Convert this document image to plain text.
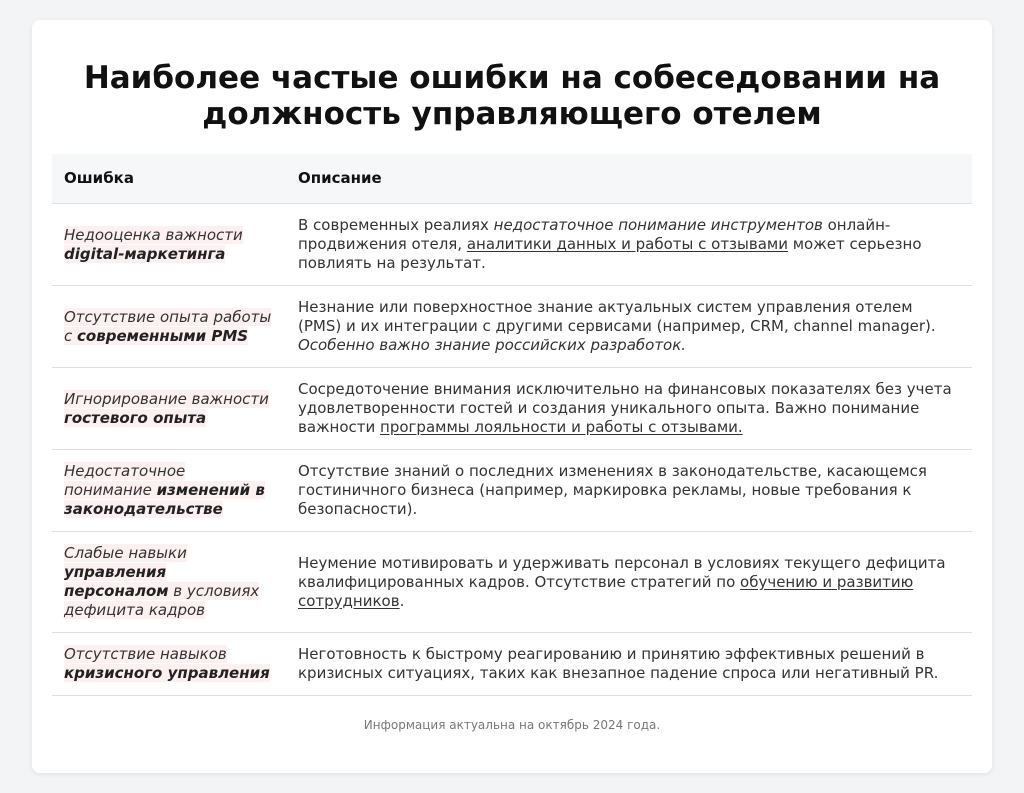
Наиболее частые ошибки на собеседовании на должность управляющего отелем
Ошибка	Описание
Недооценка важности digital-маркетинга	В современных реалиях недостаточное понимание инструментов онлайн-продвижения отеля, аналитики данных и работы с отзывами может серьезно повлиять на результат.
Отсутствие опыта работы с современными PMS	Незнание или поверхностное знание актуальных систем управления отелем (PMS) и их интеграции с другими сервисами (например, CRM, channel manager). Особенно важно знание российских разработок.
Игнорирование важности гостевого опыта	Сосредоточение внимания исключительно на финансовых показателях без учета удовлетворенности гостей и создания уникального опыта. Важно понимание важности программы лояльности и работы с отзывами.
Недостаточное понимание изменений в законодательстве	Отсутствие знаний о последних изменениях в законодательстве, касающемся гостиничного бизнеса (например, маркировка рекламы, новые требования к безопасности).
Слабые навыки управления персоналом в условиях дефицита кадров	Неумение мотивировать и удерживать персонал в условиях текущего дефицита квалифицированных кадров. Отсутствие стратегий по обучению и развитию сотрудников.
Отсутствие навыков кризисного управления	Неготовность к быстрому реагированию и принятию эффективных решений в кризисных ситуациях, таких как внезапное падение спроса или негативный PR.
Информация актуальна на октябрь 2024 года.
